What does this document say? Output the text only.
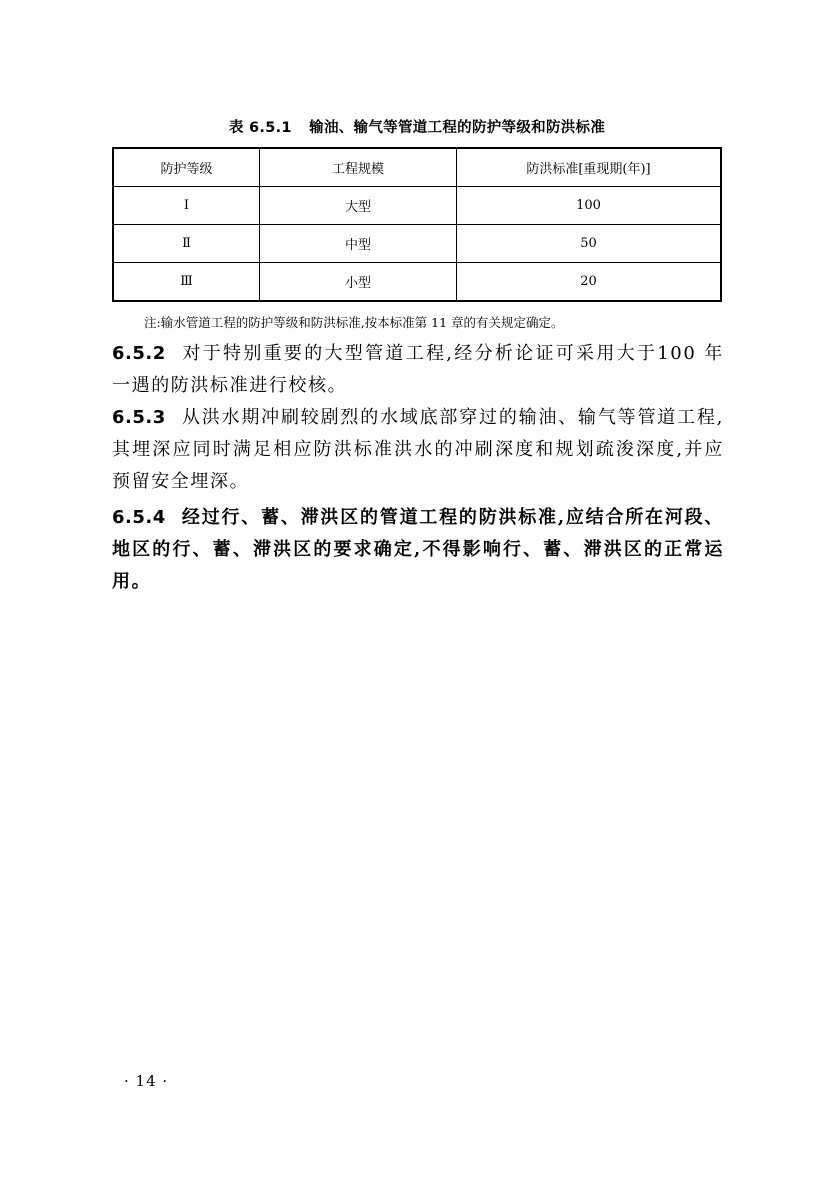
表 6.5.1 输油、输气等管道工程的防护等级和防洪标准
防护等级	工程规模	防洪标准[重现期(年)]
Ⅰ	大型	100
Ⅱ	中型	50
Ⅲ	小型	20
注:输水管道工程的防护等级和防洪标准,按本标准第 11 章的有关规定确定。

6.5.2 对于特别重要的大型管道工程,经分析论证可采用大于100 年一遇的防洪标准进行校核。

6.5.3 从洪水期冲刷较剧烈的水域底部穿过的输油、输气等管道工程,其埋深应同时满足相应防洪标准洪水的冲刷深度和规划疏浚深度,并应预留安全埋深。

6.5.4 经过行、蓄、滞洪区的管道工程的防洪标准,应结合所在河段、地区的行、蓄、滞洪区的要求确定,不得影响行、蓄、滞洪区的正常运用。

· 14 ·
